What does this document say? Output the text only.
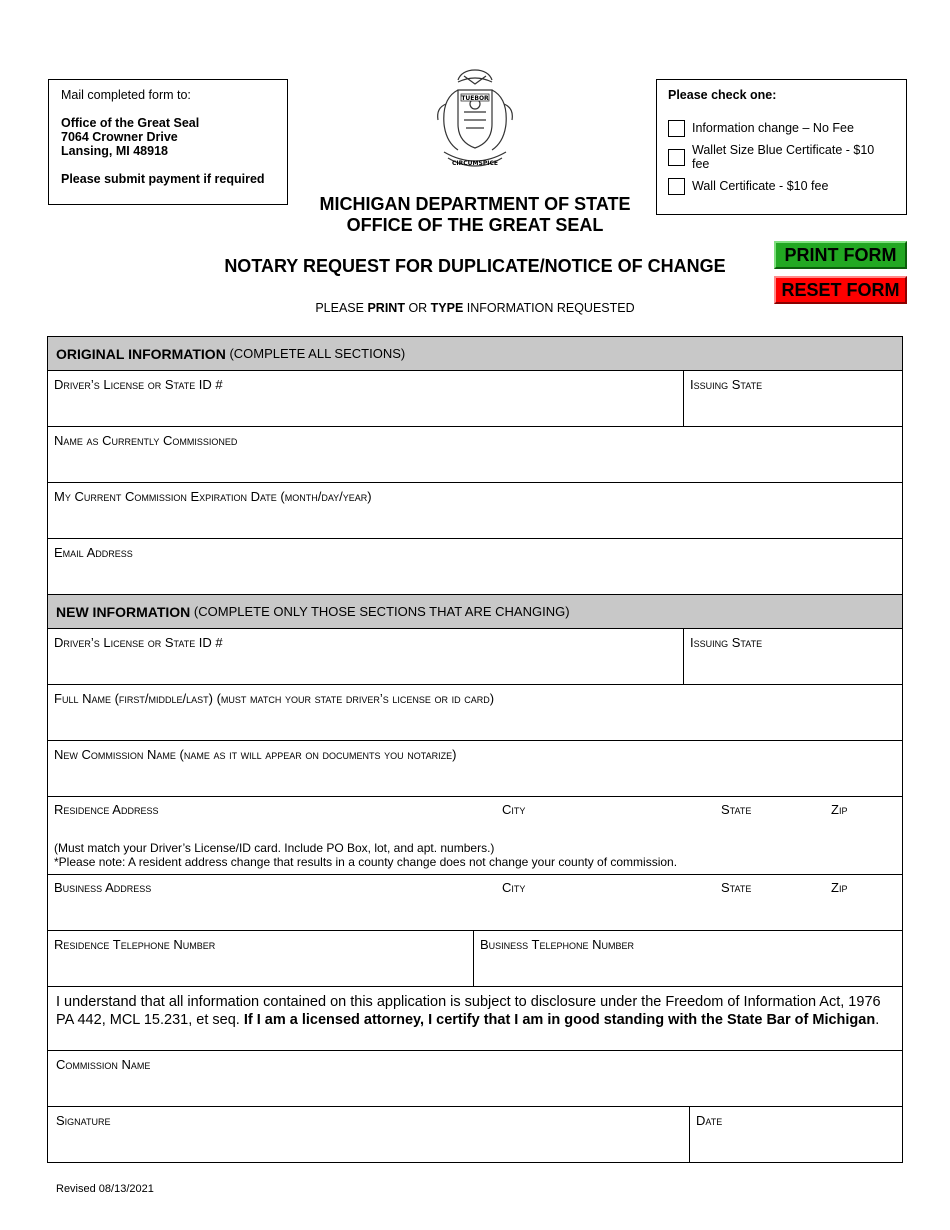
Mail completed form to:
Office of the Great Seal
7064 Crowner Drive
Lansing, MI 48918
Please submit payment if required
TUEBOR
CIRCUMSPICE
MICHIGAN DEPARTMENT OF STATE
OFFICE OF THE GREAT SEAL
Please check one:
Information change – No Fee
Wallet Size Blue Certificate - $10 fee
Wall Certificate - $10 fee
NOTARY REQUEST FOR DUPLICATE/NOTICE OF CHANGE
PRINT FORM
RESET FORM
PLEASE PRINT OR TYPE INFORMATION REQUESTED
ORIGINAL INFORMATION
(COMPLETE ALL SECTIONS)
Driver’s License or State ID #	Issuing State
Name as Currently Commissioned
My Current Commission Expiration Date (month/day/year)
Email Address
NEW INFORMATION
(COMPLETE ONLY THOSE SECTIONS THAT ARE CHANGING)
Driver’s License or State ID #	Issuing State
Full Name (first/middle/last) (must match your state driver’s license or id card)
New Commission Name (name as it will appear on documents you notarize)
Residence Address	City	State	Zip
(Must match your Driver’s License/ID card. Include PO Box, lot, and apt. numbers.)
*Please note: A resident address change that results in a county change does not change your county of commission.
Business Address	City	State	Zip
Residence Telephone Number	Business Telephone Number
I understand that all information contained on this application is subject to disclosure under the Freedom of Information Act, 1976 PA 442, MCL 15.231, et seq. If I am a licensed attorney, I certify that I am in good standing with the State Bar of Michigan.
Commission Name
Signature	Date
Revised 08/13/2021
